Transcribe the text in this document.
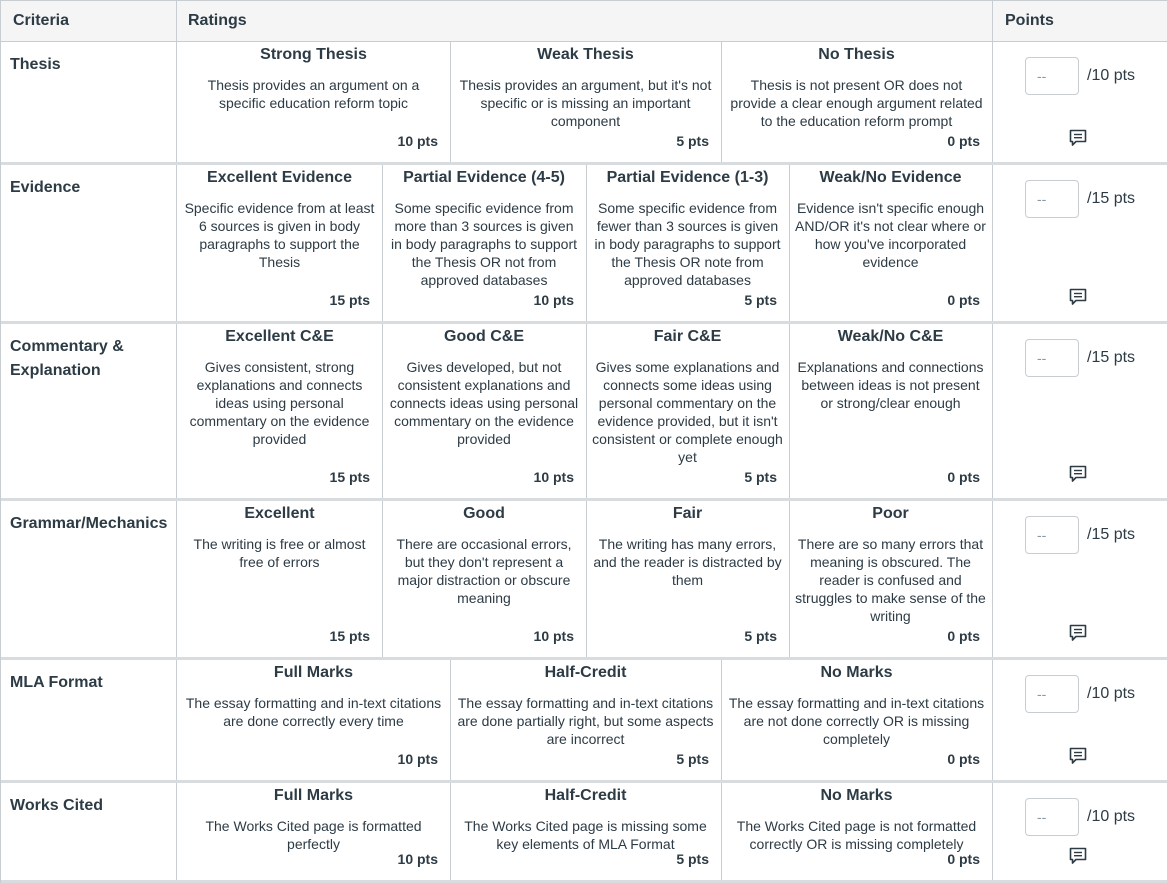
Criteria	Ratings	Points
Thesis
Strong Thesis
Thesis provides an argument on a specific education reform topic
10 pts
Weak Thesis
Thesis provides an argument, but it's not specific or is missing an important component
5 pts
No Thesis
Thesis is not present OR does not provide a clear enough argument related to the education reform prompt
0 pts
--
/10 pts
Evidence
Excellent Evidence
Specific evidence from at least 6 sources is given in body paragraphs to support the Thesis
15 pts
Partial Evidence (4-5)
Some specific evidence from more than 3 sources is given in body paragraphs to support the Thesis OR not from approved databases
10 pts
Partial Evidence (1-3)
Some specific evidence from fewer than 3 sources is given in body paragraphs to support the Thesis OR note from approved databases
5 pts
Weak/No Evidence
Evidence isn't specific enough AND/OR it's not clear where or how you've incorporated evidence
0 pts
--
/15 pts
Commentary & Explanation
Excellent C&E
Gives consistent, strong explanations and connects ideas using personal commentary on the evidence provided
15 pts
Good C&E
Gives developed, but not consistent explanations and connects ideas using personal commentary on the evidence provided
10 pts
Fair C&E
Gives some explanations and connects some ideas using personal commentary on the evidence provided, but it isn't consistent or complete enough yet
5 pts
Weak/No C&E
Explanations and connections between ideas is not present or strong/clear enough
0 pts
--
/15 pts
Grammar/Mechanics
Excellent
The writing is free or almost free of errors
15 pts
Good
There are occasional errors, but they don't represent a major distraction or obscure meaning
10 pts
Fair
The writing has many errors, and the reader is distracted by them
5 pts
Poor
There are so many errors that meaning is obscured. The reader is confused and struggles to make sense of the writing
0 pts
--
/15 pts
MLA Format
Full Marks
The essay formatting and in-text citations are done correctly every time
10 pts
Half-Credit
The essay formatting and in-text citations are done partially right, but some aspects are incorrect
5 pts
No Marks
The essay formatting and in-text citations are not done correctly OR is missing completely
0 pts
--
/10 pts
Works Cited
Full Marks
The Works Cited page is formatted perfectly
10 pts
Half-Credit
The Works Cited page is missing some key elements of MLA Format
5 pts
No Marks
The Works Cited page is not formatted correctly OR is missing completely
0 pts
--
/10 pts
